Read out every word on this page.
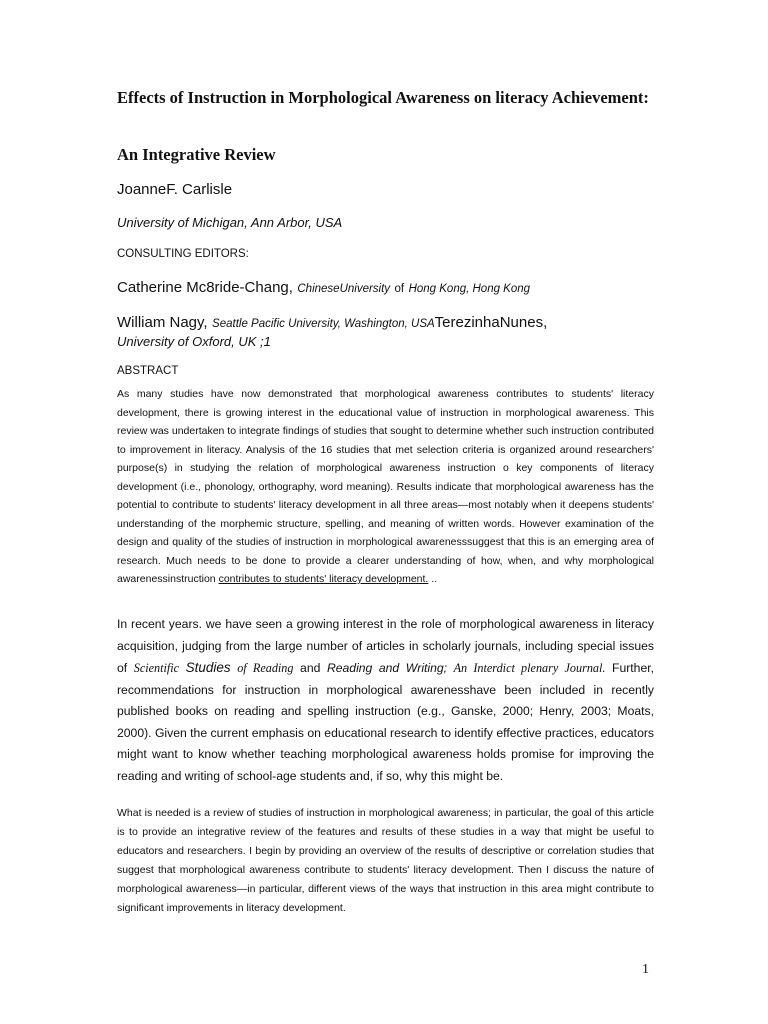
Effects of Instruction in Morphological Awareness on literacy Achievement:
An Integrative Review

JoanneF. Carlisle

University of Michigan, Ann Arbor, USA

CONSULTING EDITORS:

Catherine Mc8ride-Chang, ChineseUniversity of Hong Kong, Hong Kong

William Nagy, Seattle Pacific University, Washington, USATerezinhaNunes,
University of Oxford, UK ;1

ABSTRACT

As many studies have now demonstrated that morphological awareness contributes to students' literacy development, there is growing interest in the educational value of instruction in morphological awareness. This review was undertaken to integrate findings of studies that sought to determine whether such instruction contributed to improvement in literacy. Analysis of the 16 studies that met selection criteria is organized around researchers' purpose(s) in studying the relation of morphological awareness instruction o key components of literacy development (i.e., phonology, orthography, word meaning). Results indicate that morphological awareness has the potential to contribute to students' literacy development in all three areas—most notably when it deepens students' understanding of the morphemic structure, spelling, and meaning of written words. However examination of the design and quality of the studies of instruction in morphological awarenesssuggest that this is an emerging area of research. Much needs to be done to provide a clearer understanding of how, when, and why morphological awarenessinstruction contributes to students' literacy development. ..

In recent years. we have seen a growing interest in the role of morphological awareness in literacy acquisition, judging from the large number of articles in scholarly journals, including special issues of Scientific Studies of Reading and Reading and Writing; An Interdict plenary Journal. Further, recommendations for instruction in morphological awarenesshave been included in recently published books on reading and spelling instruction (e.g., Ganske, 2000; Henry, 2003; Moats, 2000). Given the current emphasis on educational research to identify effective practices, educators might want to know whether teaching morphological awareness holds promise for improving the reading and writing of school-age students and, if so, why this might be.

What is needed is a review of studies of instruction in morphological awareness; in particular, the goal of this article is to provide an integrative review of the features and results of these studies in a way that might be useful to educators and researchers. I begin by providing an overview of the results of descriptive or correlation studies that suggest that morphological awareness contribute to students' literacy development. Then I discuss the nature of morphological awareness—in particular, different views of the ways that instruction in this area might contribute to significant improvements in literacy development.

1
